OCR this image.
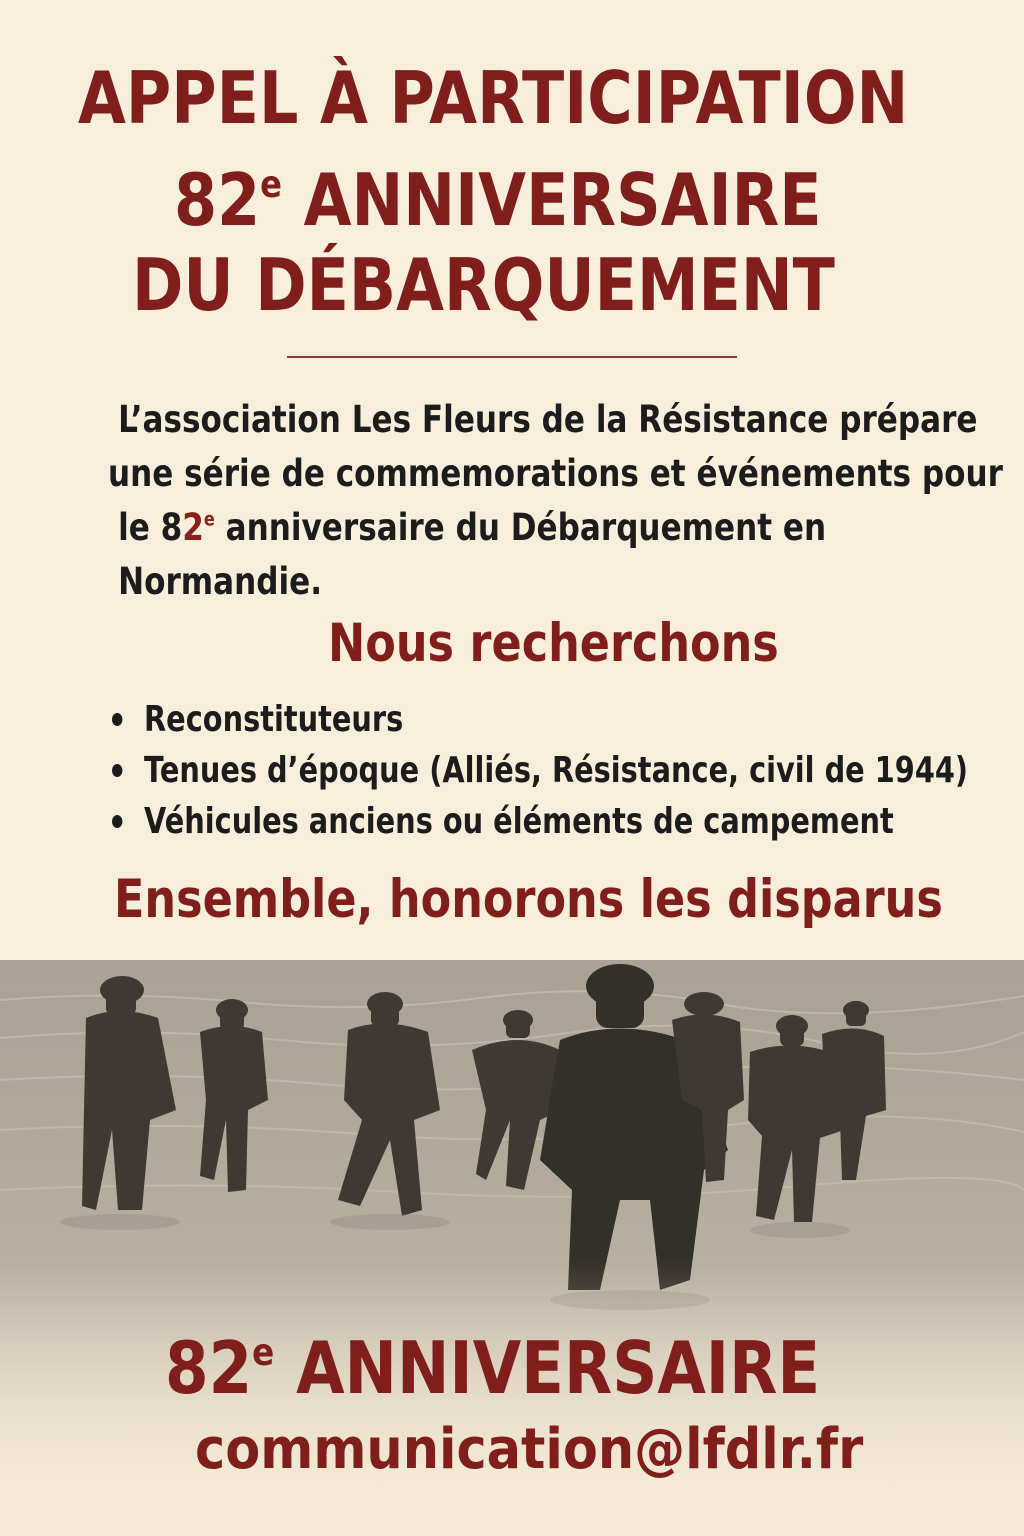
APPEL À PARTICIPATION
82e ANNIVERSAIRE
DU DÉBARQUEMENT

L’association Les Fleurs de la Résistance prépare
une série de commemorations et événements pour
le 82e anniversaire du Débarquement en
Normandie.

Nous recherchons
Reconstituteurs
Tenues d’époque (Alliés, Résistance, civil de 1944)
Véhicules anciens ou éléments de campement
Ensemble, honorons les disparus
82e ANNIVERSAIRE
communication@lfdlr.fr
